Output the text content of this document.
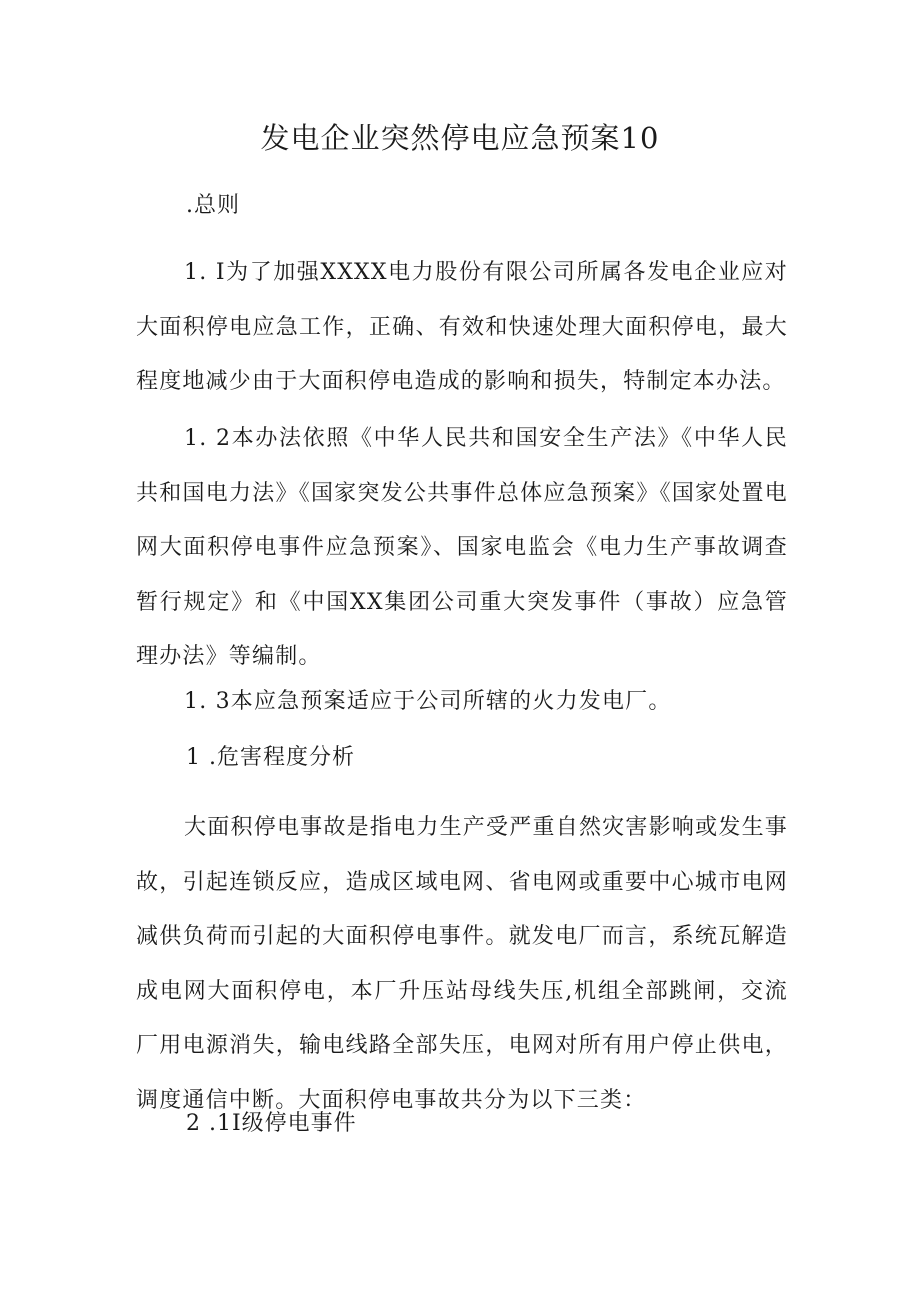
发电企业突然停电应急预案10
.总则
1. I为了加强XXXX电力股份有限公司所属各发电企业应对大面积停电应急工作，正确、有效和快速处理大面积停电，最大程度地减少由于大面积停电造成的影响和损失，特制定本办法。
1. 2本办法依照《中华人民共和国安全生产法》《中华人民共和国电力法》《国家突发公共事件总体应急预案》《国家处置电网大面积停电事件应急预案》、国家电监会《电力生产事故调查暂行规定》和《中国XX集团公司重大突发事件（事故）应急管理办法》等编制。
1. 3本应急预案适应于公司所辖的火力发电厂。
1 .危害程度分析
大面积停电事故是指电力生产受严重自然灾害影响或发生事故，引起连锁反应，造成区域电网、省电网或重要中心城市电网减供负荷而引起的大面积停电事件。就发电厂而言，系统瓦解造成电网大面积停电，本厂升压站母线失压,机组全部跳闸，交流厂用电源消失，输电线路全部失压，电网对所有用户停止供电，调度通信中断。大面积停电事故共分为以下三类：
2 .1I级停电事件
